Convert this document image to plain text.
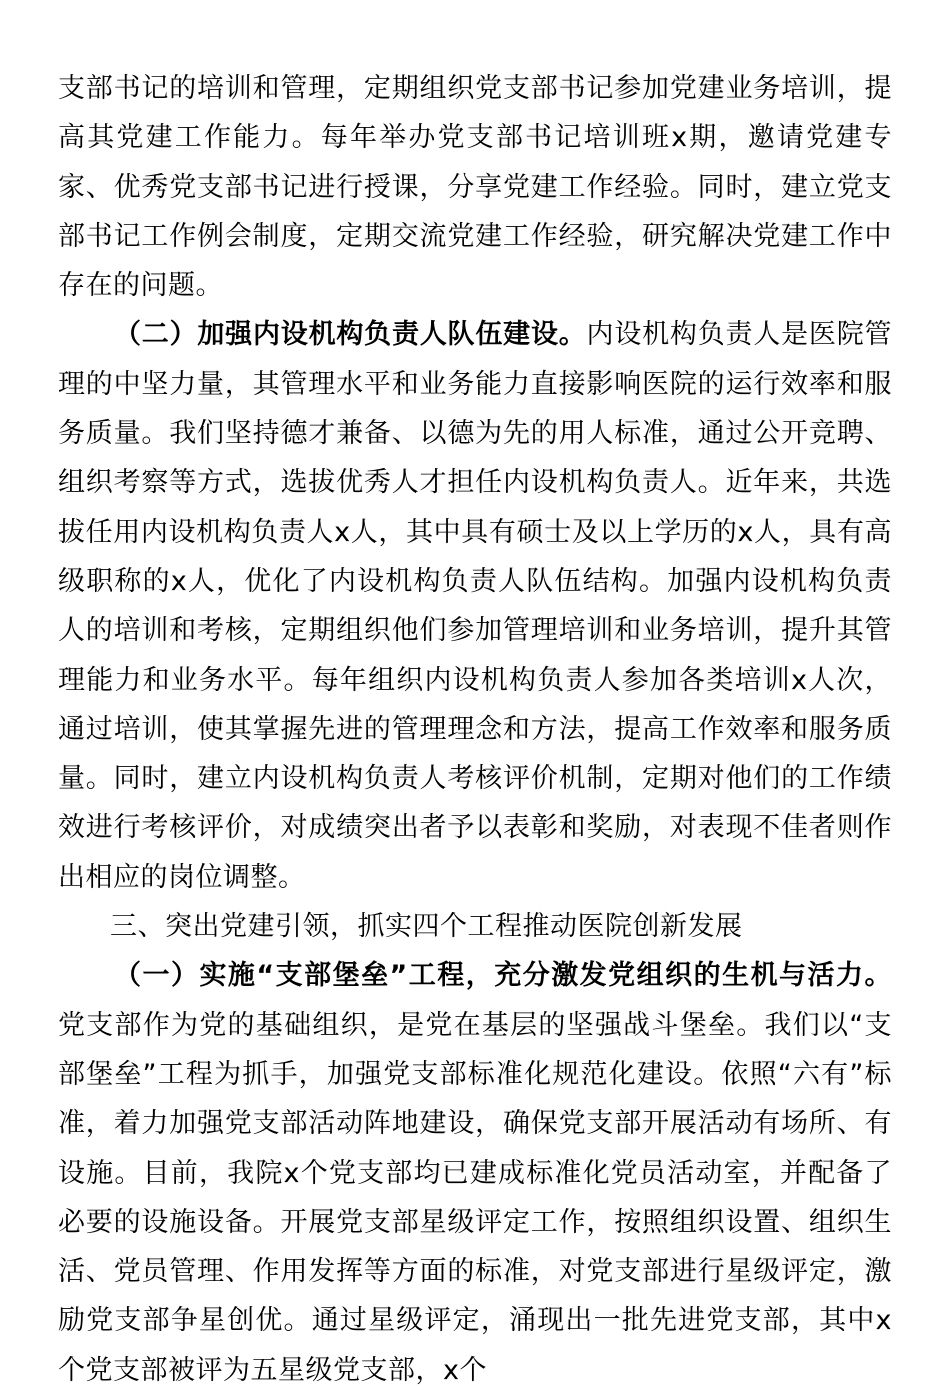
支部书记的培训和管理，定期组织党支部书记参加党建业务培训，提高其党建工作能力。每年举办党支部书记培训班x期，邀请党建专家、优秀党支部书记进行授课，分享党建工作经验。同时，建立党支部书记工作例会制度，定期交流党建工作经验，研究解决党建工作中存在的问题。

（二）加强内设机构负责人队伍建设。内设机构负责人是医院管理的中坚力量，其管理水平和业务能力直接影响医院的运行效率和服务质量。我们坚持德才兼备、以德为先的用人标准，通过公开竞聘、组织考察等方式，选拔优秀人才担任内设机构负责人。近年来，共选拔任用内设机构负责人x人，其中具有硕士及以上学历的x人，具有高级职称的x人，优化了内设机构负责人队伍结构。加强内设机构负责人的培训和考核，定期组织他们参加管理培训和业务培训，提升其管理能力和业务水平。每年组织内设机构负责人参加各类培训x人次，通过培训，使其掌握先进的管理理念和方法，提高工作效率和服务质量。同时，建立内设机构负责人考核评价机制，定期对他们的工作绩效进行考核评价，对成绩突出者予以表彰和奖励，对表现不佳者则作出相应的岗位调整。

三、突出党建引领，抓实四个工程推动医院创新发展

（一）实施“支部堡垒”工程，充分激发党组织的生机与活力。党支部作为党的基础组织，是党在基层的坚强战斗堡垒。我们以“支部堡垒”工程为抓手，加强党支部标准化规范化建设。依照“六有”标准，着力加强党支部活动阵地建设，确保党支部开展活动有场所、有设施。目前，我院x个党支部均已建成标准化党员活动室，并配备了必要的设施设备。开展党支部星级评定工作，按照组织设置、组织生活、党员管理、作用发挥等方面的标准，对党支部进行星级评定，激励党支部争星创优。通过星级评定，涌现出一批先进党支部，其中x个党支部被评为五星级党支部，x个
